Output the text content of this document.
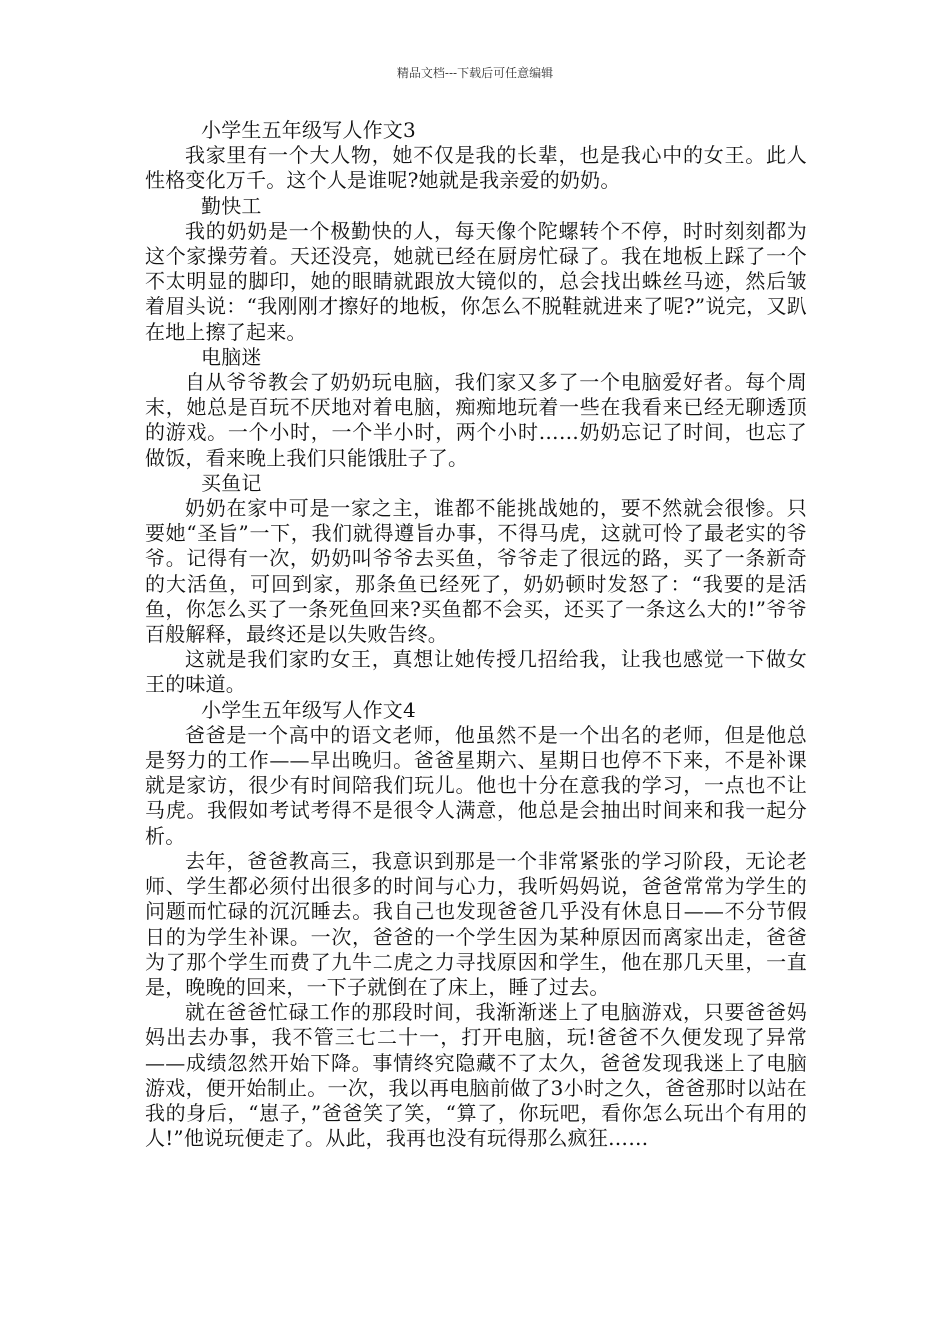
精品文档---下载后可任意编辑

小学生五年级写人作文3

我家里有一个大人物，她不仅是我的长辈，也是我心中的女王。此人性格变化万千。这个人是谁呢?她就是我亲爱的奶奶。

勤快工

我的奶奶是一个极勤快的人，每天像个陀螺转个不停，时时刻刻都为这个家操劳着。天还没亮，她就已经在厨房忙碌了。我在地板上踩了一个不太明显的脚印，她的眼睛就跟放大镜似的，总会找出蛛丝马迹，然后皱着眉头说：“我刚刚才擦好的地板，你怎么不脱鞋就进来了呢?”说完，又趴在地上擦了起来。

电脑迷

自从爷爷教会了奶奶玩电脑，我们家又多了一个电脑爱好者。每个周末，她总是百玩不厌地对着电脑，痴痴地玩着一些在我看来已经无聊透顶的游戏。一个小时，一个半小时，两个小时……奶奶忘记了时间，也忘了做饭，看来晚上我们只能饿肚子了。

买鱼记

奶奶在家中可是一家之主，谁都不能挑战她的，要不然就会很惨。只要她“圣旨”一下，我们就得遵旨办事，不得马虎，这就可怜了最老实的爷爷。记得有一次，奶奶叫爷爷去买鱼，爷爷走了很远的路，买了一条新奇的大活鱼，可回到家，那条鱼已经死了，奶奶顿时发怒了：“我要的是活鱼，你怎么买了一条死鱼回来?买鱼都不会买，还买了一条这么大的!”爷爷百般解释，最终还是以失败告终。

这就是我们家旳女王，真想让她传授几招给我，让我也感觉一下做女王的味道。

小学生五年级写人作文4

爸爸是一个高中的语文老师，他虽然不是一个出名的老师，但是他总是努力的工作——早出晚归。爸爸星期六、星期日也停不下来，不是补课就是家访，很少有时间陪我们玩儿。他也十分在意我的学习，一点也不让马虎。我假如考试考得不是很令人满意，他总是会抽出时间来和我一起分析。

去年，爸爸教高三，我意识到那是一个非常紧张的学习阶段，无论老师、学生都必须付出很多的时间与心力，我听妈妈说，爸爸常常为学生的问题而忙碌的沉沉睡去。我自己也发现爸爸几乎没有休息日——不分节假日的为学生补课。一次，爸爸的一个学生因为某种原因而离家出走，爸爸为了那个学生而费了九牛二虎之力寻找原因和学生，他在那几天里，一直是，晚晚的回来，一下子就倒在了床上，睡了过去。

就在爸爸忙碌工作的那段时间，我渐渐迷上了电脑游戏，只要爸爸妈妈出去办事，我不管三七二十一，打开电脑，玩!爸爸不久便发现了异常——成绩忽然开始下降。事情终究隐藏不了太久，爸爸发现我迷上了电脑游戏，便开始制止。一次，我以再电脑前做了3小时之久，爸爸那时以站在我的身后，“崽子，”爸爸笑了笑，“算了，你玩吧，看你怎么玩出个有用的人!”他说玩便走了。从此，我再也没有玩得那么疯狂……
